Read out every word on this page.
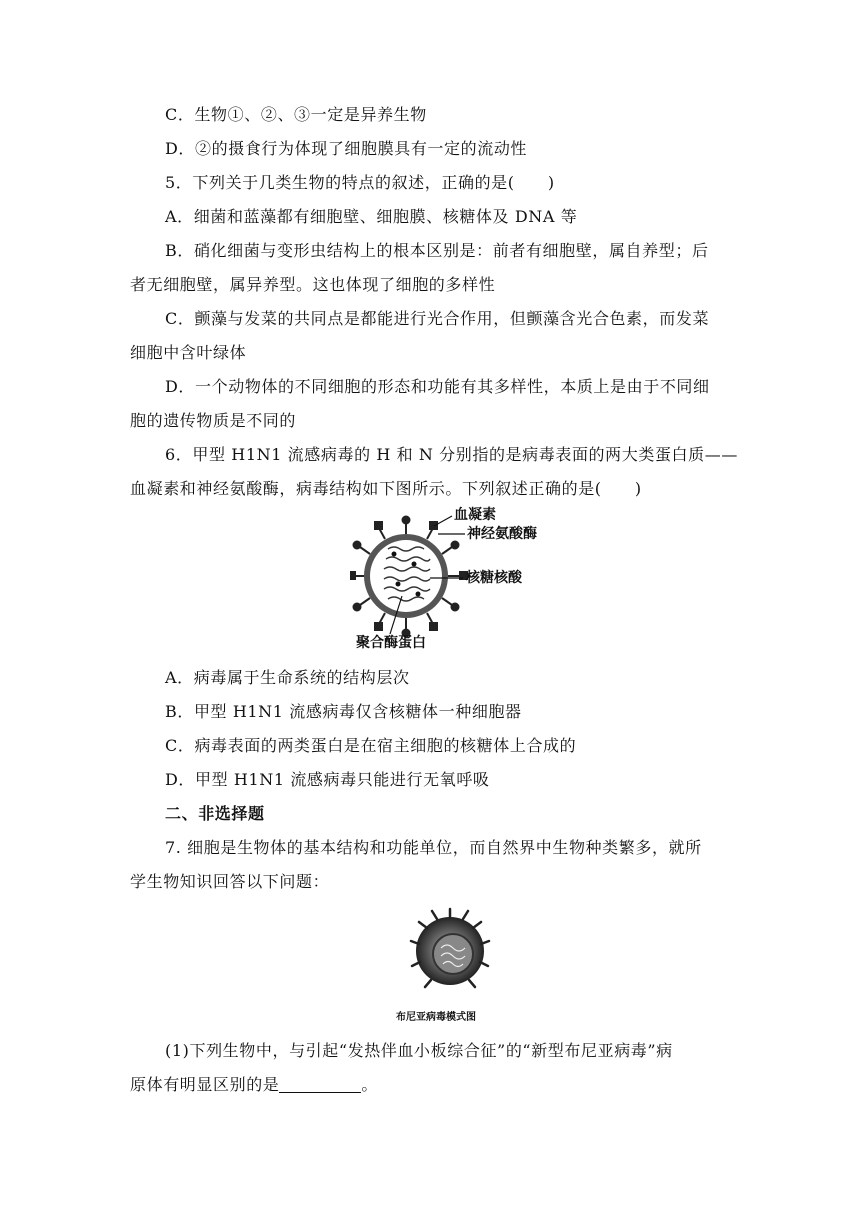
C．生物①、②、③一定是异养生物
D．②的摄食行为体现了细胞膜具有一定的流动性
5．下列关于几类生物的特点的叙述，正确的是(　　)
A．细菌和蓝藻都有细胞壁、细胞膜、核糖体及 DNA 等
B．硝化细菌与变形虫结构上的根本区别是：前者有细胞壁，属自养型；后
者无细胞壁，属异养型。这也体现了细胞的多样性
C．颤藻与发菜的共同点是都能进行光合作用，但颤藻含光合色素，而发菜
细胞中含叶绿体
D．一个动物体的不同细胞的形态和功能有其多样性，本质上是由于不同细
胞的遗传物质是不同的
6．甲型 H1N1 流感病毒的 H 和 N 分别指的是病毒表面的两大类蛋白质——
血凝素和神经氨酸酶，病毒结构如下图所示。下列叙述正确的是(　　)
血凝素
神经氨酸酶
核糖核酸
聚合酶蛋白
A．病毒属于生命系统的结构层次
B．甲型 H1N1 流感病毒仅含核糖体一种细胞器
C．病毒表面的两类蛋白是在宿主细胞的核糖体上合成的
D．甲型 H1N1 流感病毒只能进行无氧呼吸
二、非选择题
7. 细胞是生物体的基本结构和功能单位，而自然界中生物种类繁多，就所
学生物知识回答以下问题：
布尼亚病毒模式图
(1)下列生物中，与引起“发热伴血小板综合征”的“新型布尼亚病毒”病
原体有明显区别的是	。
